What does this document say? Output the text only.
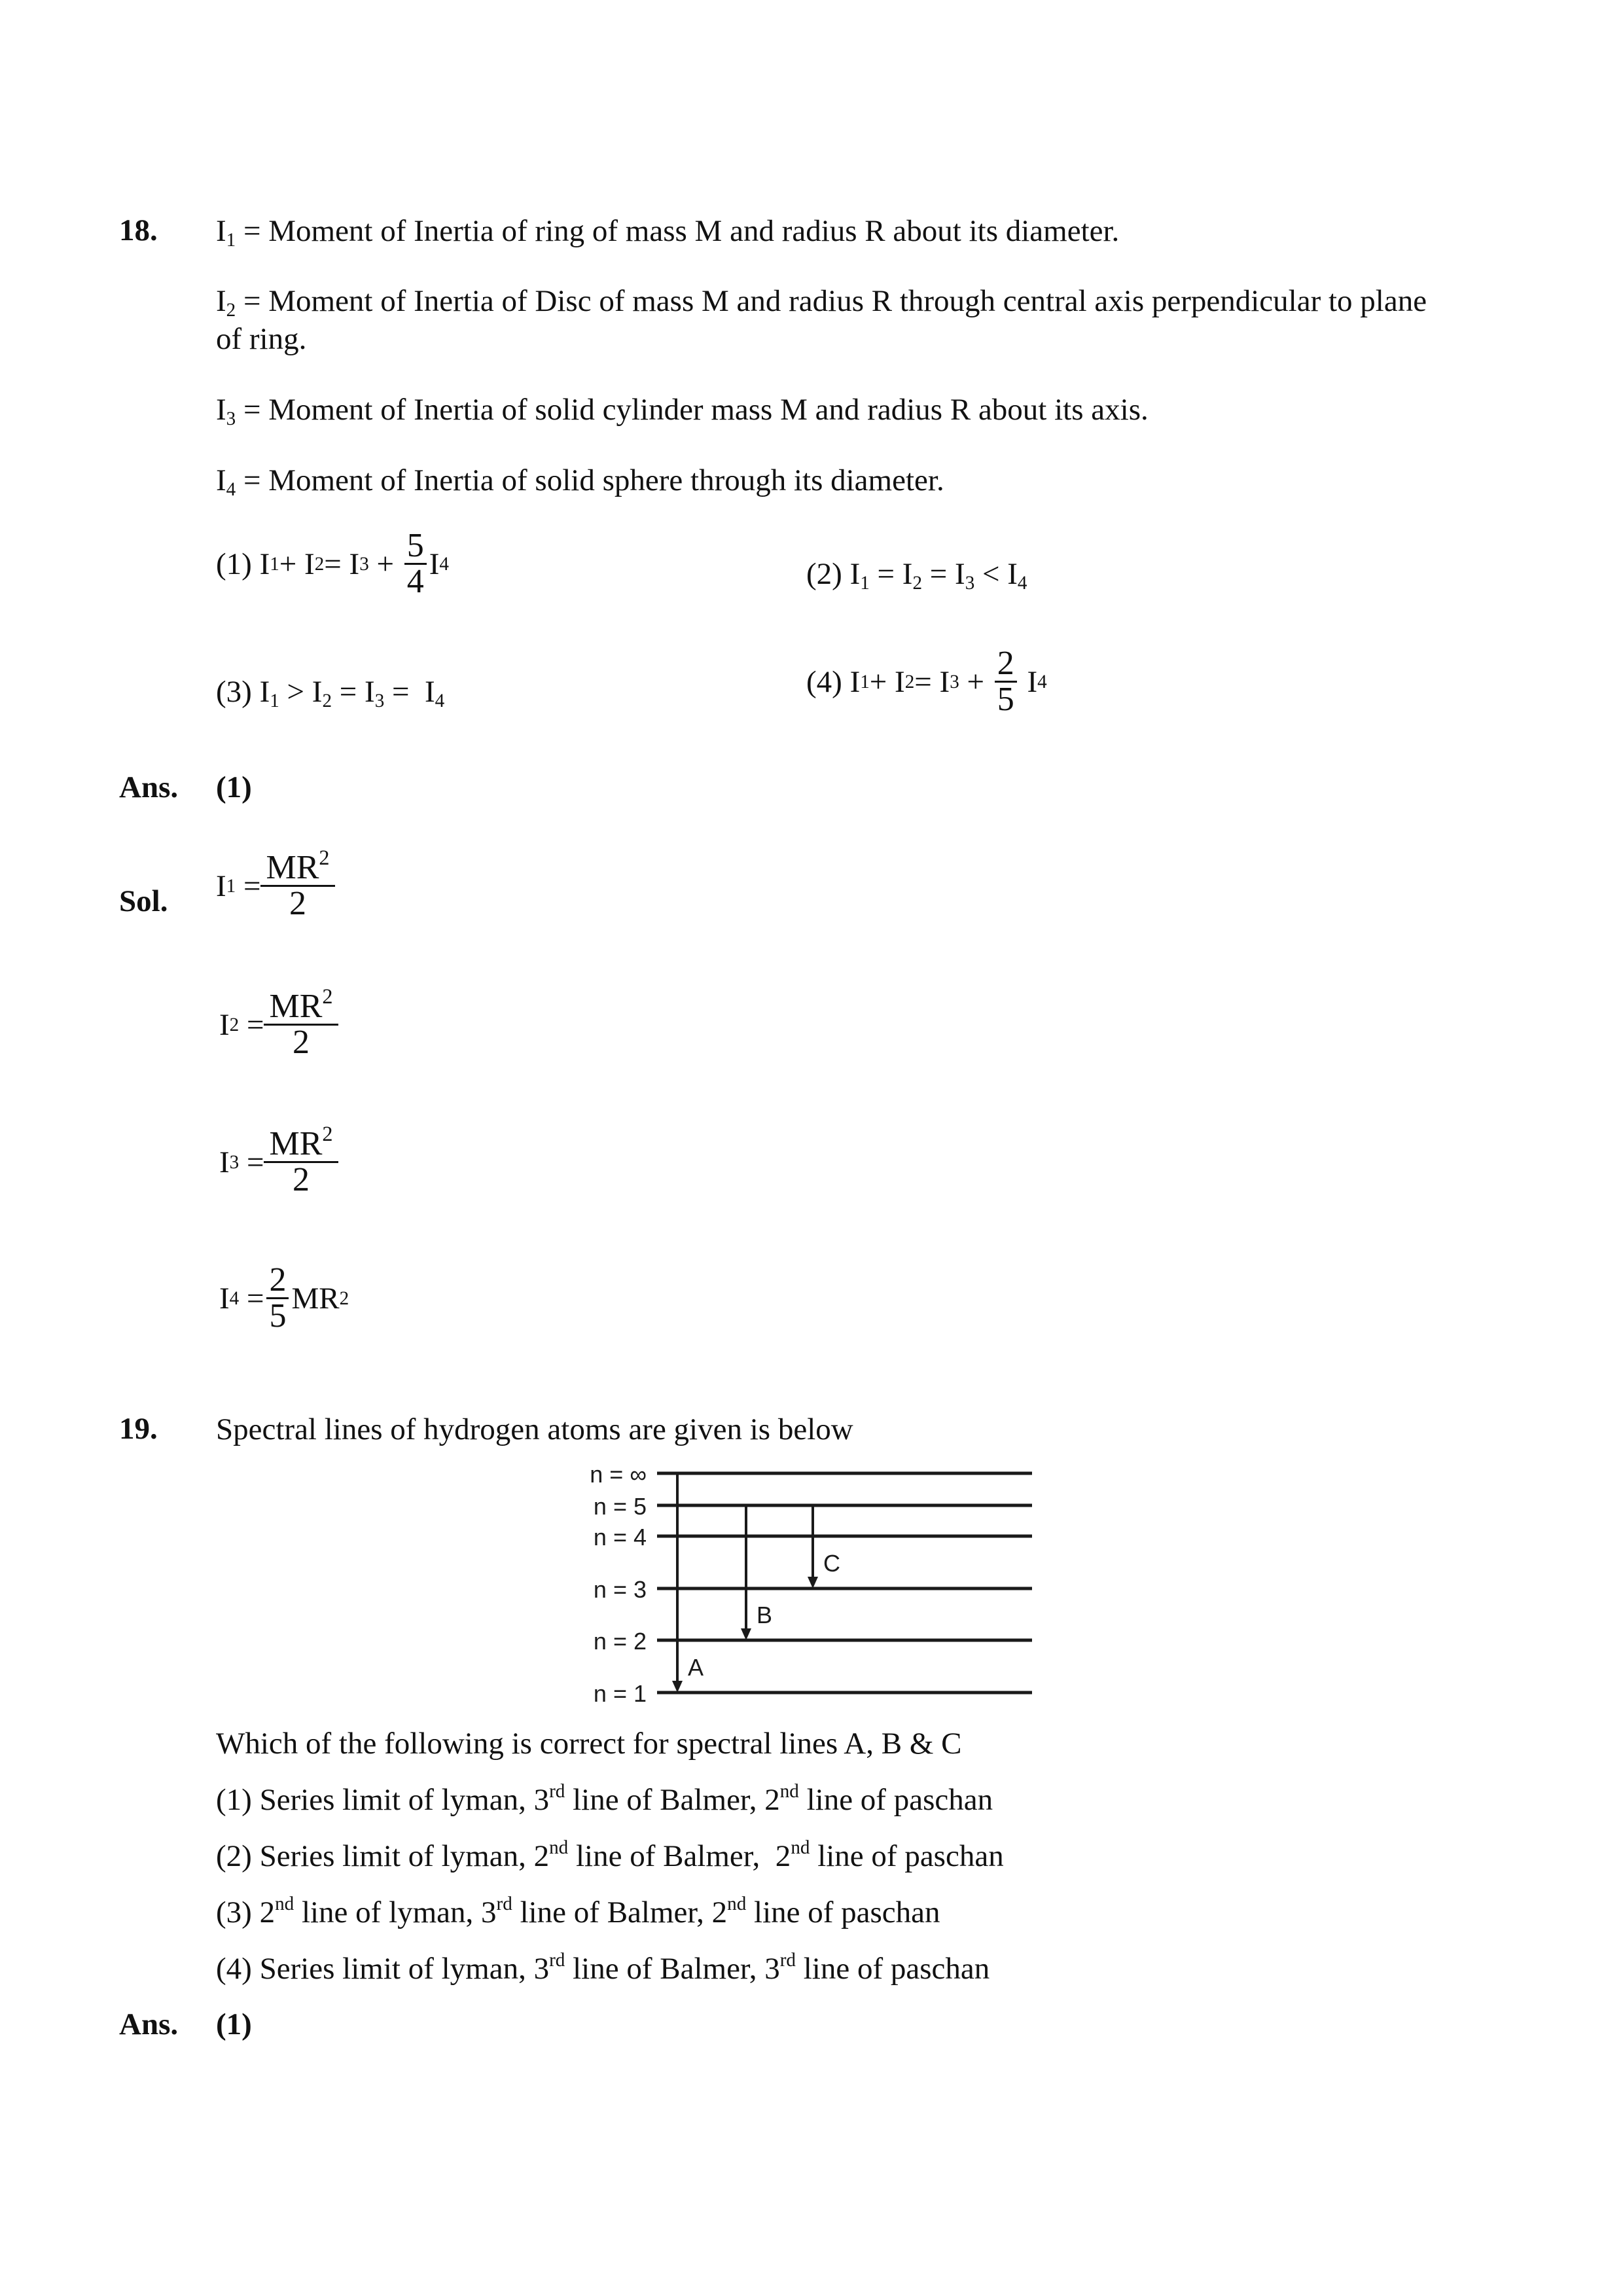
18. $I_1$ = Moment of Inertia of ring of mass M and radius R about its diameter.
$I_2$ = Moment of Inertia of Disc of mass M and radius R through central axis perpendicular to plane
of ring.
$I_3$ = Moment of Inertia of solid cylinder mass M and radius R about its axis.
$I_4$ = Moment of Inertia of solid sphere through its diameter.
(1)
I 1 + I 2 = I $3 + \frac{5}{4}$ I 4	(2) $I_1 = I_2 = I_3 < I_4$
(3) $I_1 > I_2 = I_3 = I_4$
(4)
I 1 + I 2 = I $3 + \frac{2}{5}$ I 4
Ans. (1)
Sol. I $1 = \frac{MR^2}{2}$
I $2 = \frac{MR^2}{2}$
I $3 = \frac{MR^2}{2}$
I $4 = \frac{2}{5}$ MR 2
19. Spectral lines of hydrogen atoms are given is below
n = ∞
n = 5
n = 4
n = 3
n = 2
n = 1
A
B
C
Which of the following is correct for spectral lines A, B & C
(1) Series limit of lyman, 3rd line of Balmer, 2nd line of paschan
(2) Series limit of lyman, 2nd line of Balmer,  2nd line of paschan
(3) 2nd line of lyman, 3rd line of Balmer, 2nd line of paschan
(4) Series limit of lyman, 3rd line of Balmer, 3rd line of paschan
Ans. (1)
